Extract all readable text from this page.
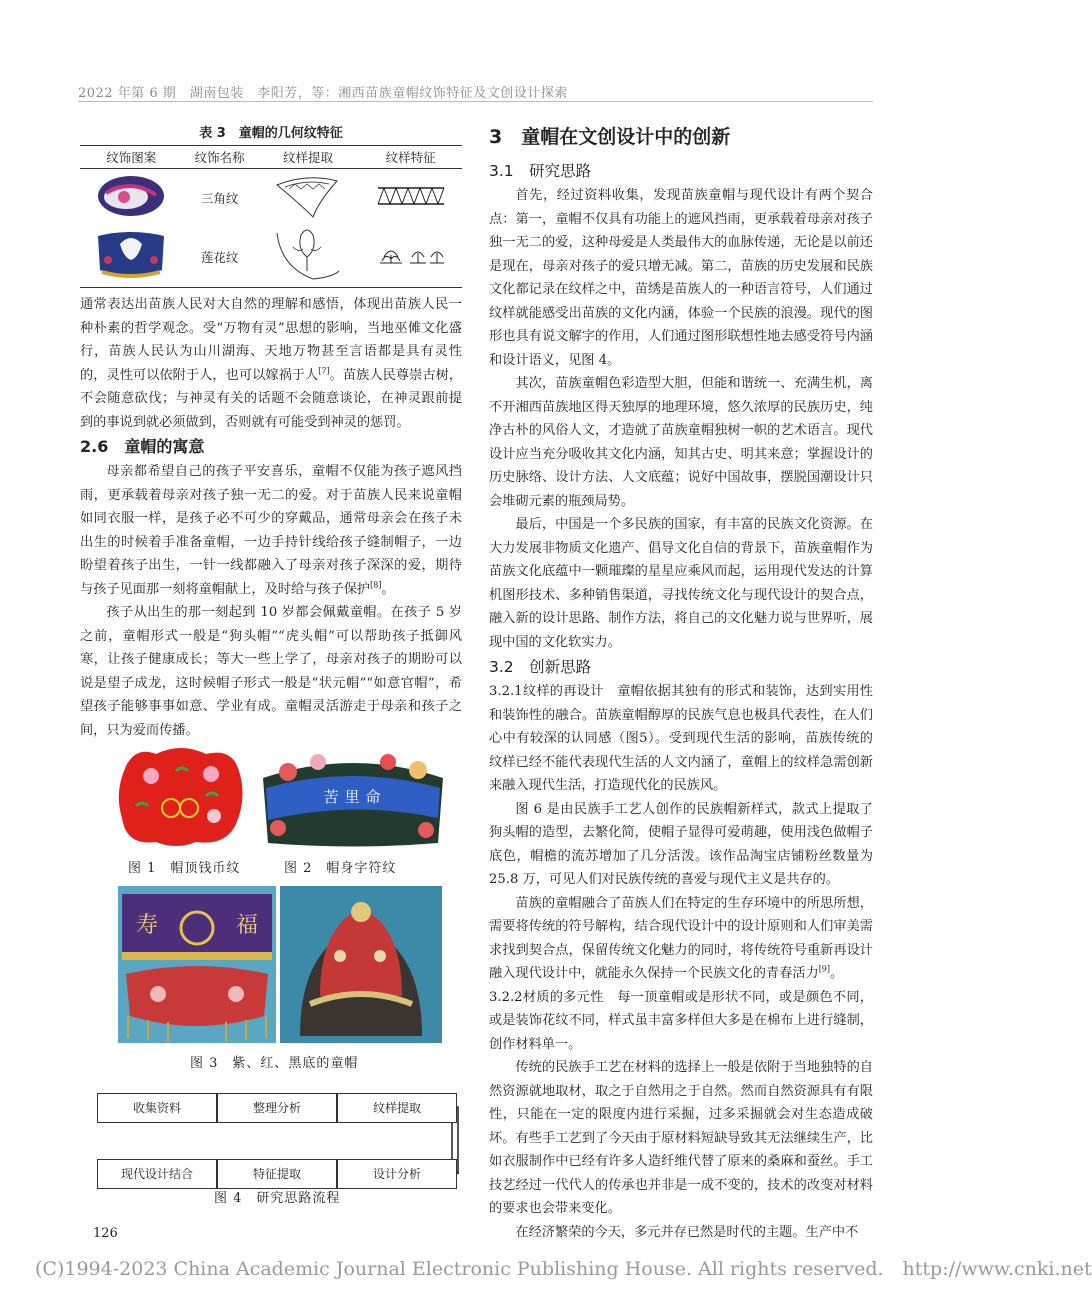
2022 年第 6 期　湖南包装　李阳芳，等：湘西苗族童帽纹饰特征及文创设计探索
表 3　童帽的几何纹特征
纹饰图案	纹饰名称	纹样提取	纹样特征
	三角纹		
	莲花纹		

通常表达出苗族人民对大自然的理解和感悟，体现出苗族人民一种朴素的哲学观念。受“万物有灵”思想的影响，当地巫傩文化盛行，苗族人民认为山川湖海、天地万物甚至言语都是具有灵性的，灵性可以依附于人，也可以嫁祸于人[7]。苗族人民尊崇古树，不会随意砍伐；与神灵有关的话题不会随意谈论，在神灵跟前提到的事说到就必须做到，否则就有可能受到神灵的惩罚。

2.6　童帽的寓意

母亲都希望自己的孩子平安喜乐，童帽不仅能为孩子遮风挡雨，更承载着母亲对孩子独一无二的爱。对于苗族人民来说童帽如同衣服一样，是孩子必不可少的穿戴品，通常母亲会在孩子未出生的时候着手准备童帽，一边手持针线给孩子缝制帽子，一边盼望着孩子出生，一针一线都融入了母亲对孩子深深的爱，期待与孩子见面那一刻将童帽献上，及时给与孩子保护[8]。

孩子从出生的那一刻起到 10 岁都会佩戴童帽。在孩子 5 岁之前，童帽形式一般是“狗头帽”“虎头帽”可以帮助孩子抵御风寒，让孩子健康成长；等大一些上学了，母亲对孩子的期盼可以说是望子成龙，这时候帽子形式一般是“状元帽”“如意官帽”，希望孩子能够事事如意、学业有成。童帽灵活游走于母亲和孩子之间，只为爱而传播。

图 1　帽顶钱币纹
苦里命
图 2　帽身字符纹
寿	福
图 3　紫、红、黑底的童帽
收集资料	整理分析	纹样提取
现代设计结合	特征提取	设计分析
图 4　研究思路流程
3　童帽在文创设计中的创新
3.1　研究思路

首先，经过资料收集，发现苗族童帽与现代设计有两个契合点：第一，童帽不仅具有功能上的遮风挡雨，更承载着母亲对孩子独一无二的爱，这种母爱是人类最伟大的血脉传递，无论是以前还是现在，母亲对孩子的爱只增无减。第二，苗族的历史发展和民族文化都记录在纹样之中，苗绣是苗族人的一种语言符号，人们通过纹样就能感受出苗族的文化内涵，体验一个民族的浪漫。现代的图形也具有说文解字的作用，人们通过图形联想性地去感受符号内涵和设计语义，见图 4。

其次，苗族童帽色彩造型大胆，但能和谐统一、充满生机，离不开湘西苗族地区得天独厚的地理环境，悠久浓厚的民族历史，纯净古朴的风俗人文，才造就了苗族童帽独树一帜的艺术语言。现代设计应当充分吸收其文化内涵，知其古史、明其来意；掌握设计的历史脉络、设计方法、人文底蕴；说好中国故事，摆脱国潮设计只会堆砌元素的瓶颈局势。

最后，中国是一个多民族的国家，有丰富的民族文化资源。在大力发展非物质文化遗产、倡导文化自信的背景下，苗族童帽作为苗族文化底蕴中一颗璀璨的星星应乘风而起，运用现代发达的计算机图形技术、多种销售渠道，寻找传统文化与现代设计的契合点，融入新的设计思路、制作方法，将自己的文化魅力说与世界听，展现中国的文化软实力。

3.2　创新思路

3.2.1纹样的再设计　童帽依据其独有的形式和装饰，达到实用性和装饰性的融合。苗族童帽醇厚的民族气息也极具代表性，在人们心中有较深的认同感（图5）。受到现代生活的影响，苗族传统的纹样已经不能代表现代生活的人文内涵了，童帽上的纹样急需创新来融入现代生活，打造现代化的民族风。

图 6 是由民族手工艺人创作的民族帽新样式，款式上提取了狗头帽的造型，去繁化简，使帽子显得可爱萌趣，使用浅色做帽子底色，帽檐的流苏增加了几分活泼。该作品淘宝店铺粉丝数量为 25.8 万，可见人们对民族传统的喜爱与现代主义是共存的。

苗族的童帽融合了苗族人们在特定的生存环境中的所思所想，需要将传统的符号解构，结合现代设计中的设计原则和人们审美需求找到契合点，保留传统文化魅力的同时，将传统符号重新再设计融入现代设计中，就能永久保持一个民族文化的青春活力[9]。

3.2.2材质的多元性　每一顶童帽或是形状不同，或是颜色不同，或是装饰花纹不同，样式虽丰富多样但大多是在棉布上进行缝制，创作材料单一。

传统的民族手工艺在材料的选择上一般是依附于当地独特的自然资源就地取材，取之于自然用之于自然。然而自然资源具有有限性，只能在一定的限度内进行采掘，过多采掘就会对生态造成破坏。有些手工艺到了今天由于原材料短缺导致其无法继续生产，比如衣服制作中已经有许多人造纤维代替了原来的桑麻和蚕丝。手工技艺经过一代代人的传承也并非是一成不变的，技术的改变对材料的要求也会带来变化。

在经济繁荣的今天，多元并存已然是时代的主题。生产中不

126
(C)1994-2023 China Academic Journal Electronic Publishing House. All rights reserved.　http://www.cnki.net
